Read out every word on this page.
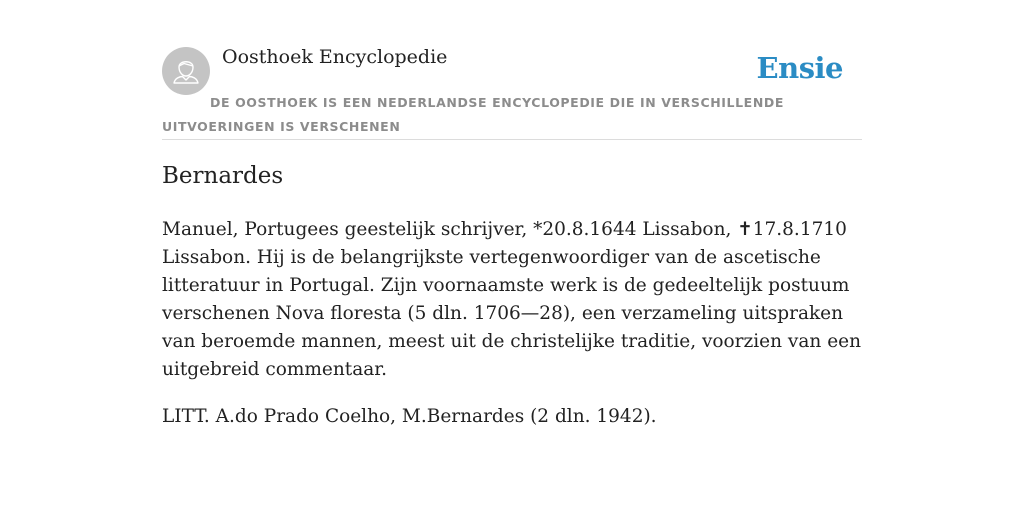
Oosthoek Encyclopedie	Ensie
DE OOSTHOEK IS EEN NEDERLANDSE ENCYCLOPEDIE DIE IN VERSCHILLENDE UITVOERINGEN IS VERSCHENEN
Bernardes

Manuel, Portugees geestelijk schrijver, *20.8.1644 Lissabon, ✝17.8.1710 Lissabon. Hij is de belangrijkste vertegenwoordiger van de ascetische litteratuur in Portugal. Zijn voornaamste werk is de gedeeltelijk postuum verschenen Nova floresta (5 dln. 1706—28), een verzameling uitspraken van beroemde mannen, meest uit de christelijke traditie, voorzien van een uitgebreid commentaar.

LITT. A.do Prado Coelho, M.Bernardes (2 dln. 1942).
